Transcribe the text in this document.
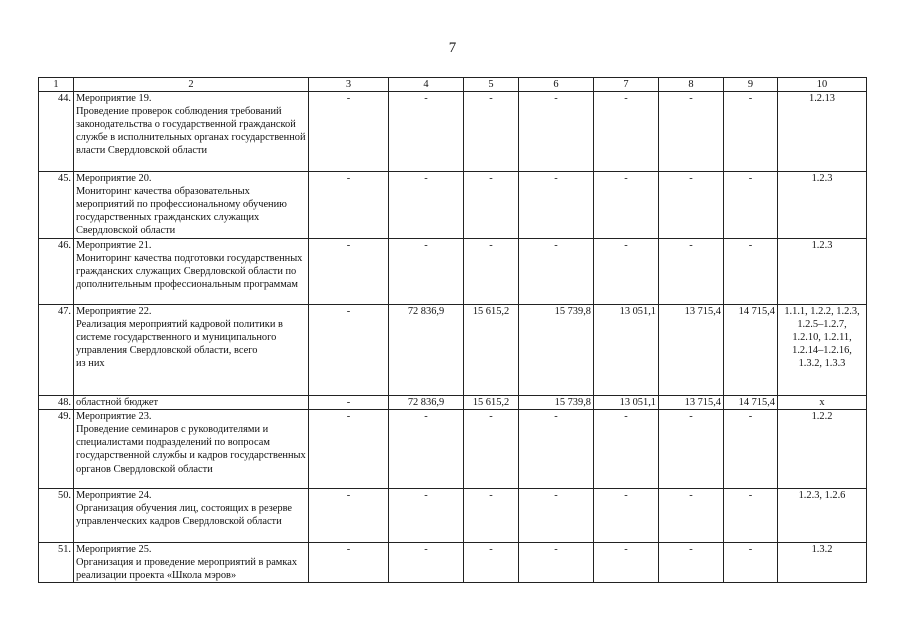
7
1	2	3	4	5	6	7	8	9	10
44.	Мероприятие 19.
Проведение проверок соблюдения требований законодательства о государственной гражданской службе в исполнительных органах государственной власти Свердловской области	-	-	-	-	-	-	-	1.2.13
45.	Мероприятие 20.
Мониторинг качества образовательных мероприятий по профессиональному обучению государственных гражданских служащих Свердловской области	-	-	-	-	-	-	-	1.2.3
46.	Мероприятие 21.
Мониторинг качества подготовки государственных гражданских служащих Свердловской области по дополнительным профессиональным программам	-	-	-	-	-	-	-	1.2.3
47.	Мероприятие 22.
Реализация мероприятий кадровой политики в системе государственного и муниципального управления Свердловской области, всего
из них	-	72 836,9	15 615,2	15 739,8	13 051,1	13 715,4	14 715,4	1.1.1, 1.2.2, 1.2.3,
1.2.5–1.2.7,
1.2.10, 1.2.11,
1.2.14–1.2.16,
1.3.2, 1.3.3
48.	областной бюджет	-	72 836,9	15 615,2	15 739,8	13 051,1	13 715,4	14 715,4	х
49.	Мероприятие 23.
Проведение семинаров с руководителями и специалистами подразделений по вопросам государственной службы и кадров государственных органов Свердловской области	-	-	-	-	-	-	-	1.2.2
50.	Мероприятие 24.
Организация обучения лиц, состоящих в резерве управленческих кадров Свердловской области	-	-	-	-	-	-	-	1.2.3, 1.2.6
51.	Мероприятие 25.
Организация и проведение мероприятий в рамках реализации проекта «Школа мэров»	-	-	-	-	-	-	-	1.3.2
